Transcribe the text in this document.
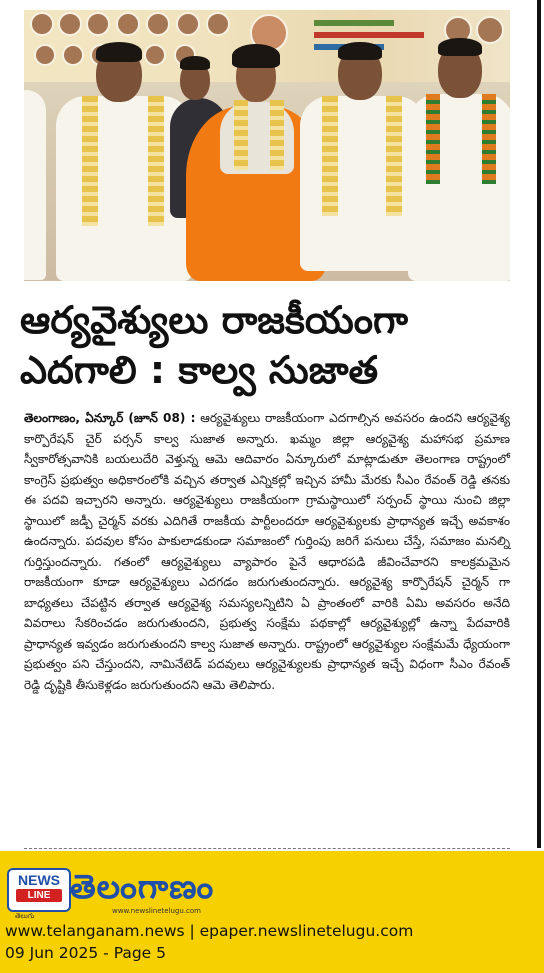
ఆర్యవైశ్యులు రాజకీయంగా
ఎదగాలి : కాల్వ సుజాత

తెలంగాణం, ఏన్కూర్ (జూన్ 08) : ఆర్యవైశ్యులు రాజకీయంగా ఎదగాల్సిన అవసరం ఉందని ఆర్యవైశ్య కార్పొరేషన్ చైర్ పర్సన్ కాల్వ సుజాత అన్నారు. ఖమ్మం జిల్లా ఆర్యవైశ్య మహాసభ ప్రమాణ స్వీకారోత్సవానికి బయలుదేరి వెళ్తున్న ఆమె ఆదివారం ఏన్కూరులో మాట్లాడుతూ తెలంగాణ రాష్ట్రంలో కాంగ్రెస్ ప్రభుత్వం అధికారంలోకి వచ్చిన తర్వాత ఎన్నికల్లో ఇచ్చిన హామీ మేరకు సీఎం రేవంత్ రెడ్డి తనకు ఈ పదవి ఇచ్చారని అన్నారు. ఆర్యవైశ్యులు రాజకీయంగా గ్రామస్థాయిలో సర్పంచ్ స్థాయి నుంచి జిల్లా స్థాయిలో జడ్పీ చైర్మన్ వరకు ఎదిగితే రాజకీయ పార్టీలందరూ ఆర్యవైశ్యులకు ప్రాధాన్యత ఇచ్చే అవకాశం ఉందన్నారు. పదవుల కోసం పాకులాడకుండా సమాజంలో గుర్తింపు జరిగే పనులు చేస్తే, సమాజం మనల్ని గుర్తిస్తుందన్నారు. గతంలో ఆర్యవైశ్యులు వ్యాపారం పైనే ఆధారపడి జీవించేవారని కాలక్రమమైన రాజకీయంగా కూడా ఆర్యవైశ్యులు ఎదగడం జరుగుతుందన్నారు. ఆర్యవైశ్య కార్పొరేషన్ చైర్మన్ గా బాధ్యతలు చేపట్టిన తర్వాత ఆర్యవైశ్య సమస్యలన్నిటిని ఏ ప్రాంతంలో వారికి ఏమి అవసరం అనేది వివరాలు సేకరించడం జరుగుతుందని, ప్రభుత్వ సంక్షేమ పథకాల్లో ఆర్యవైశ్యుల్లో ఉన్నా పేదవారికి ప్రాధాన్యత ఇవ్వడం జరుగుతుందని కాల్వ సుజాత అన్నారు. రాష్ట్రంలో ఆర్యవైశ్యుల సంక్షేమమే ధ్యేయంగా ప్రభుత్వం పని చేస్తుందని, నామినేటెడ్ పదవులు ఆర్యవైశ్యులకు ప్రాధాన్యత ఇచ్చే విధంగా సీఎం రేవంత్ రెడ్డి దృష్టికి తీసుకెళ్లడం జరుగుతుందని ఆమె తెలిపారు.

NEWS
LINE
తెలుగు
తెలంగాణం
www.newslinetelugu.com
www.telanganam.news | epaper.newslinetelugu.com
09 Jun 2025 - Page 5
